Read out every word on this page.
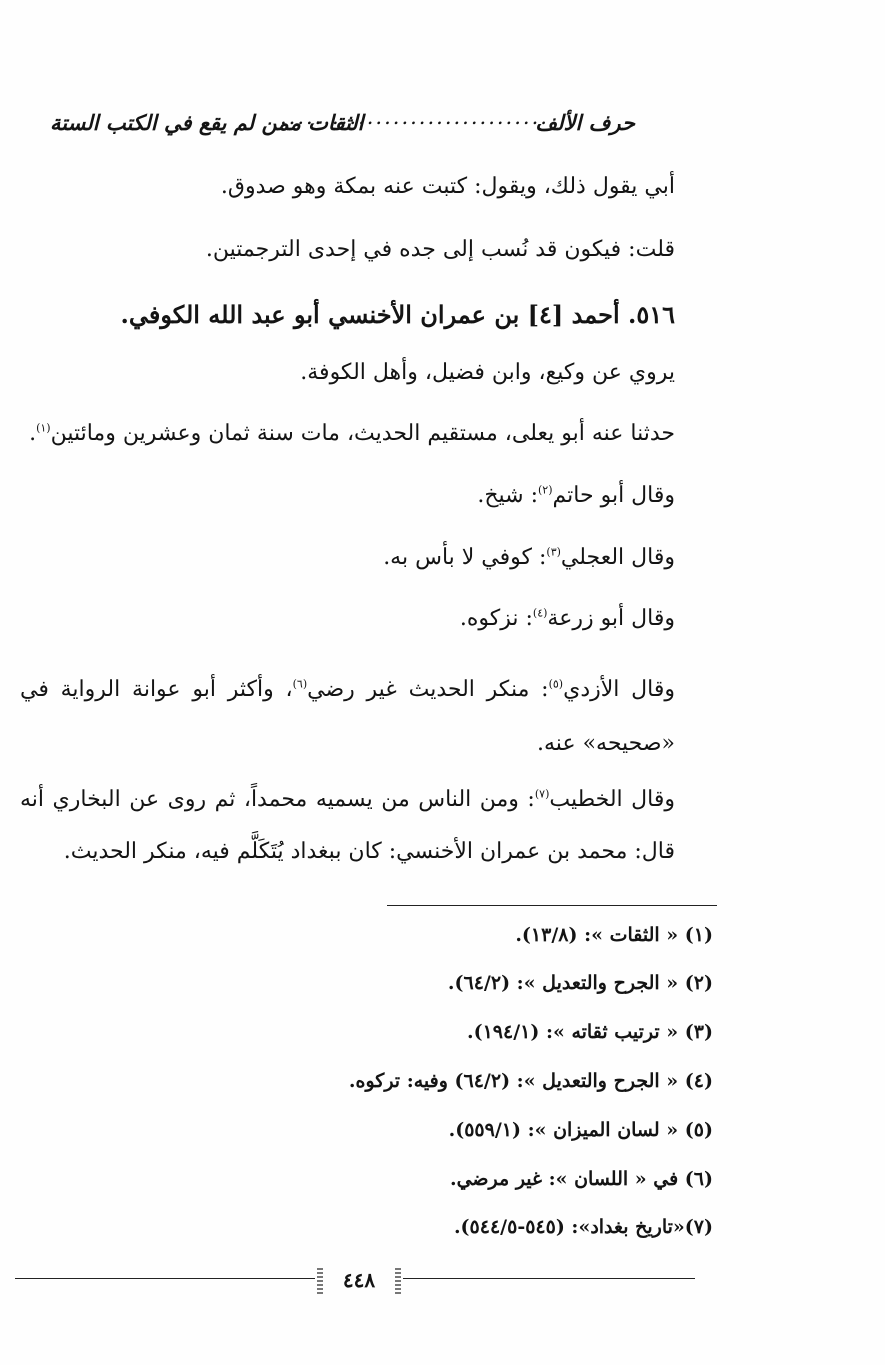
حرف الألف
...............................
الثقات ممن لم يقع في الكتب الستة
أبي يقول ذلك، ويقول: كتبت عنه بمكة وهو صدوق.
قلت: فيكون قد نُسب إلى جده في إحدى الترجمتين.
٥١٦. أحمد [٤] بن عمران الأخنسي أبو عبد الله الكوفي.
يروي عن وكيع، وابن فضيل، وأهل الكوفة.
حدثنا عنه أبو يعلى، مستقيم الحديث، مات سنة ثمان وعشرين ومائتين$^{(١)}$.
وقال أبو حاتم$^{(٢)}$: شيخ.
وقال العجلي$^{(٣)}$: كوفي لا بأس به.
وقال أبو زرعة$^{(٤)}$: نزكوه.
وقال الأزدي$^{(٥)}$: منكر الحديث غير رضي$^{(٦)}$، وأكثر أبو عوانة الرواية في «صحيحه» عنه.
وقال الخطيب$^{(٧)}$: ومن الناس من يسميه محمداً، ثم روى عن البخاري أنه قال: محمد بن عمران الأخنسي: كان ببغداد يُتَكَلَّم فيه، منكر الحديث.
(١) « الثقات »: (١٣/٨).
(٢) « الجرح والتعديل »: (٦٤/٢).
(٣) « ترتيب ثقاته »: (١٩٤/١).
(٤) « الجرح والتعديل »: (٦٤/٢) وفيه: تركوه.
(٥) « لسان الميزان »: (٥٥٩/١).
(٦) في « اللسان »: غير مرضي.
(٧)«تاريخ بغداد»: (٥٤٥-٥٤٤/٥).
٤٤٨
